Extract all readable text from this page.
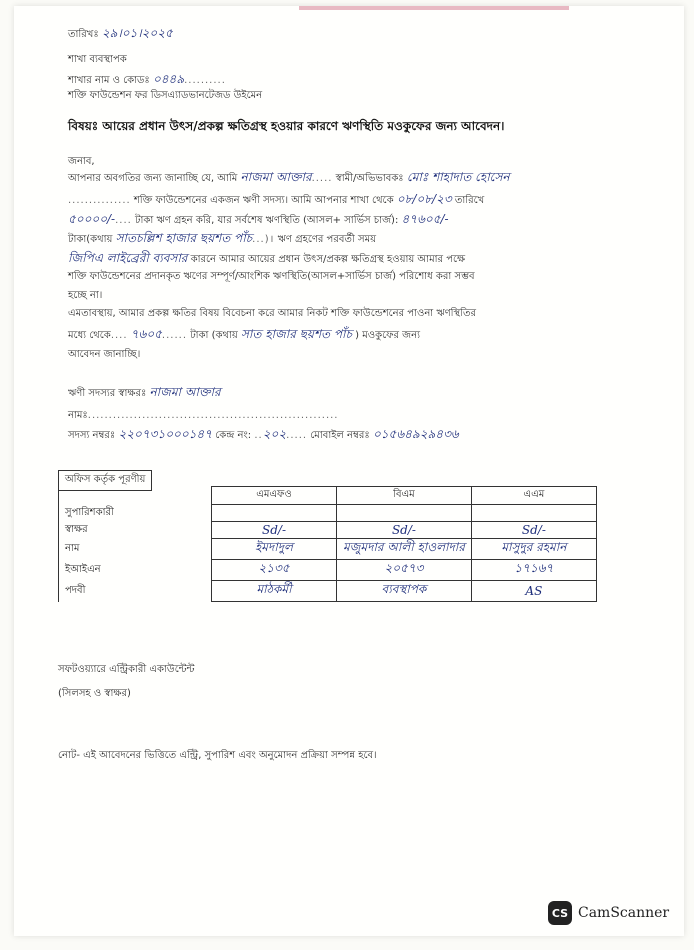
তারিখঃ ২৯।০১।২০২৫
শাখা ব্যবস্থাপক
শাখার নাম ও কোডঃ ০৪৪৯..........
শক্তি ফাউন্ডেশন ফর ডিসএ্যাডভানটেজড উইমেন
বিষয়ঃ আয়ের প্রধান উৎস/প্রকল্প ক্ষতিগ্রস্থ হওয়ার কারণে ঋণস্থিতি মওকুফের জন্য আবেদন।
জনাব,
আপনার অবগতির জন্য জানাচ্ছি যে, আমি নাজমা আক্তার..... স্বামী/অভিভাবকঃ মোঃ শাহাদাত হোসেন
............... শক্তি ফাউন্ডেশনের একজন ঋণী সদস্য। আমি আপনার শাখা থেকে ০৮/০৮/২৩ তারিখে
৫০০০০/-.... টাকা ঋণ গ্রহন করি, যার সর্বশেষ ঋণস্থিতি (আসল+ সার্ভিস চার্জ): ৪৭৬০৫/-
টাকা(কথায় সাতচল্লিশ হাজার ছয়শত পাঁচ...)। ঋণ গ্রহণের পরবর্তী সময়
জিপিএ লাইব্রেরী ব্যবসার কারনে আমার আয়ের প্রধান উৎস/প্রকল্প ক্ষতিগ্রস্থ হওয়ায় আমার পক্ষে
শক্তি ফাউন্ডেশনের প্রদানকৃত ঋণের সম্পূর্ণ/আংশিক ঋণস্থিতি(আসল+সার্ভিস চার্জ) পরিশোধ করা সম্ভব
হচ্ছে না।
এমতাবস্থায়, আমার প্রকল্প ক্ষতির বিষয় বিবেচনা করে আমার নিকট শক্তি ফাউন্ডেশনের পাওনা ঋণস্থিতির
মধ্যে থেকে.... ৭৬০৫...... টাকা (কথায় সাত হাজার ছয়শত পাঁচ ) মওকুফের জন্য
আবেদন জানাচ্ছি।
ঋণী সদস্যর স্বাক্ষরঃ নাজমা আক্তার
নামঃ............................................................
সদস্য নম্বরঃ ২২০৭৩১০০০১৪৭ কেন্দ্র নং: ..২০২..... মোবাইল নম্বরঃ ০১৫৬৪৯২৯৪৩৬
অফিস কর্তৃক পূরণীয়
	এমএফও	বিএম	এএম
সুপারিশকারী			
স্বাক্ষর	Sd/-	Sd/-	Sd/-
নাম	ইমদাদুল	মজুমদার আলী হাওলাদার	মাসুদুর রহমান
ইআইএন	২১৩৫	২০৫৭৩	১৭১৬৭
পদবী	মাঠকর্মী	ব্যবস্থাপক	AS
সফটওয়্যারে এন্ট্রিকারী একাউন্টেন্ট
(সিলসহ ও স্বাক্ষর)
নোট- এই আবেদনের ভিত্তিতে এন্ট্রি, সুপারিশ এবং অনুমোদন প্রক্রিয়া সম্পন্ন হবে।
CS CamScanner
